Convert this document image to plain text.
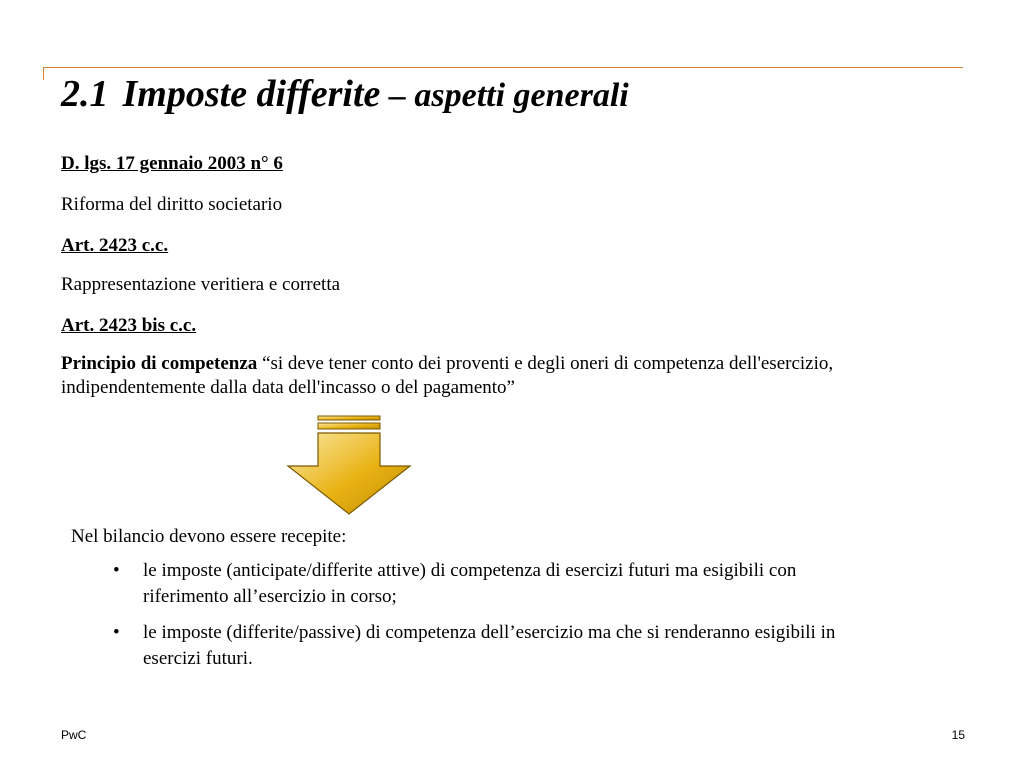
2.1 Imposte differite – aspetti generali

D. lgs. 17 gennaio 2003 n° 6

Riforma del diritto societario

Art. 2423 c.c.

Rappresentazione veritiera e corretta

Art. 2423 bis c.c.

Principio di competenza “si deve tener conto dei proventi e degli oneri di competenza dell'esercizio, indipendentemente dalla data dell'incasso o del pagamento”

Nel bilancio devono essere recepite:

• le imposte (anticipate/differite attive) di competenza di esercizi futuri ma esigibili con riferimento all’esercizio in corso;
• le imposte (differite/passive) di competenza dell’esercizio ma che si renderanno esigibili in esercizi futuri.
PwC	15
